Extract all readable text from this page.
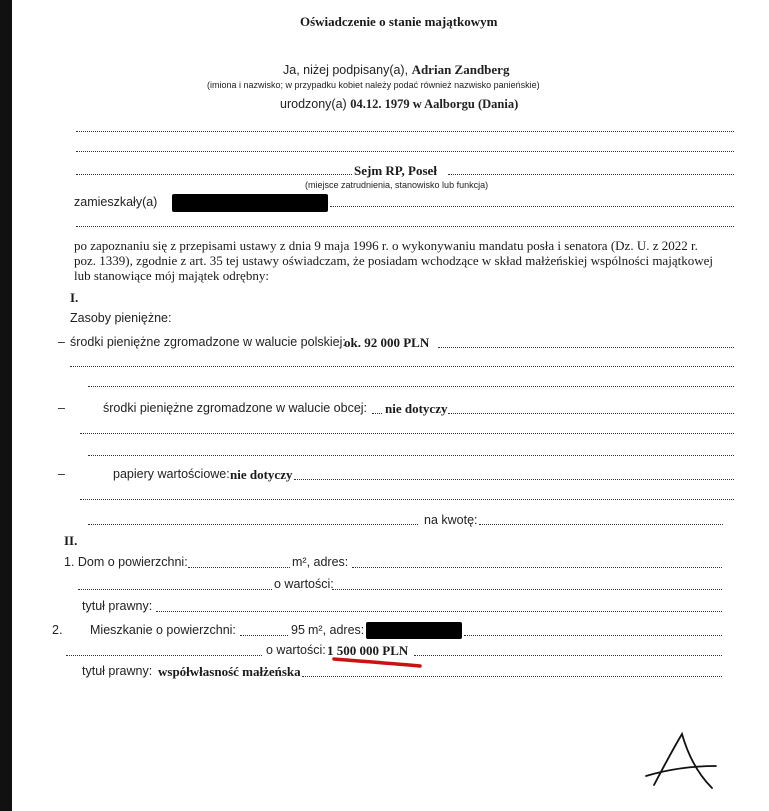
Oświadczenie o stanie majątkowym
Ja, niżej podpisany(a), Adrian Zandberg
(imiona i nazwisko; w przypadku kobiet należy podać również nazwisko panieńskie)
urodzony(a) 04.12. 1979 w Aalborgu (Dania)
Sejm RP, Poseł
(miejsce zatrudnienia, stanowisko lub funkcja)
zamieszkały(a)
po zapoznaniu się z przepisami ustawy z dnia 9 maja 1996 r. o wykonywaniu mandatu posła i senatora (Dz. U. z 2022 r.
poz. 1339), zgodnie z art. 35 tej ustawy oświadczam, że posiadam wchodzące w skład małżeńskiej wspólności majątkowej
lub stanowiące mój majątek odrębny:
I.
Zasoby pieniężne:
– środki pieniężne zgromadzone w walucie polskiej:
ok. 92 000 PLN
–	środki pieniężne zgromadzone w walucie obcej: nie dotyczy
–	papiery wartościowe: nie dotyczy
na kwotę:
II.
1. Dom o powierzchni:	m², adres:
o wartości:
tytuł prawny:
2. Mieszkanie o powierzchni:	95 m², adres:
o wartości: 1 500 000 PLN
tytuł prawny: współwłasność małżeńska
